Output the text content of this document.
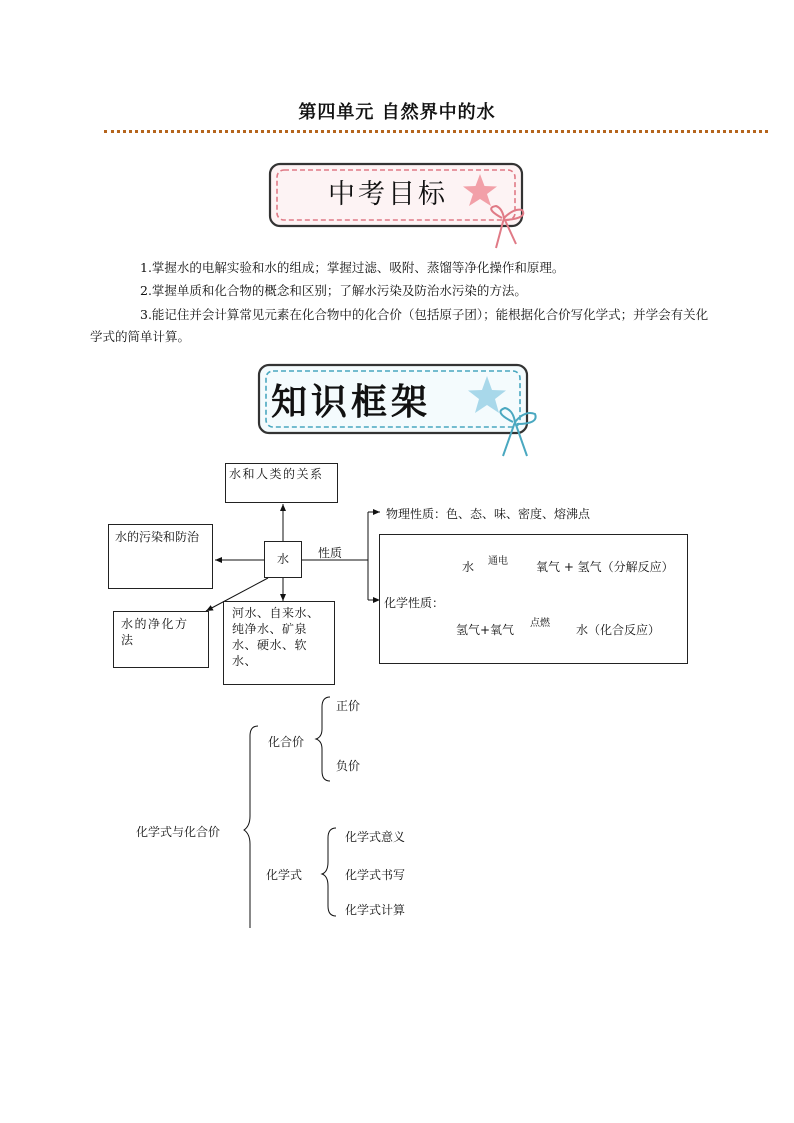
第四单元 自然界中的水
中考目标
1.掌握水的电解实验和水的组成；掌握过滤、吸附、蒸馏等净化操作和原理。
2.掌握单质和化合物的概念和区别；了解水污染及防治水污染的方法。
3.能记住并会计算常见元素在化合物中的化合价（包括原子团）；能根据化合价写化学式；并学会有关化学式的简单计算。
知识框架
水和人类的关系
水
水的污染和防治
水的净化方法
河水、自来水、纯净水、矿泉水、硬水、软水、
性质
物理性质：色、态、味、密度、熔沸点
化学性质：
水 通电 氧气 + 氢气（分解反应）
氢气+氧气 点燃 水（化合反应）
化学式与化合价
化合价
正价
负价
化学式
化学式意义
化学式书写
化学式计算
